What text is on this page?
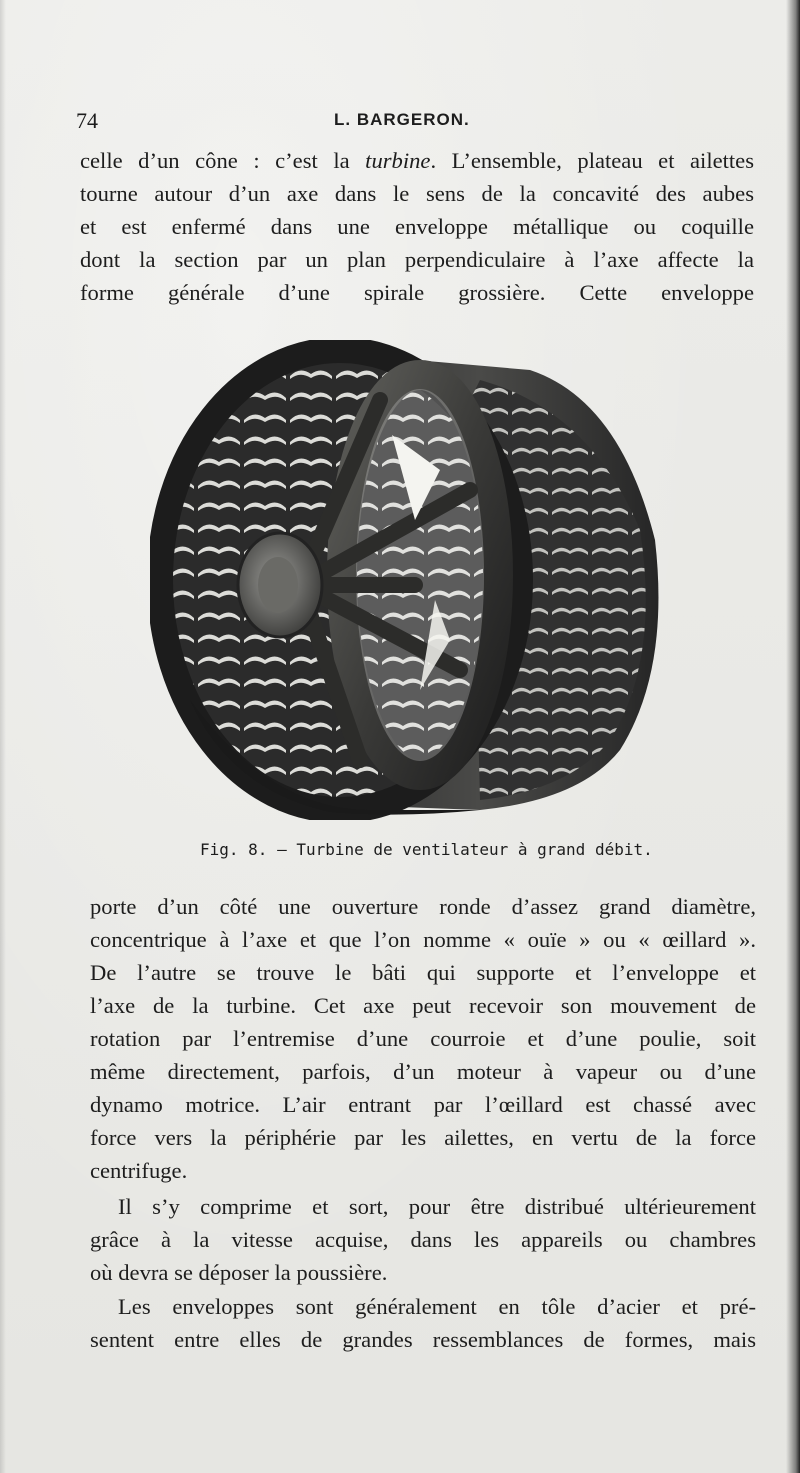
74	L. BARGERON.
celle d’un cône : c’est la turbine. L’ensemble, plateau et ailettes
tourne autour d’un axe dans le sens de la concavité des aubes
et est enfermé dans une enveloppe métallique ou coquille
dont la section par un plan perpendiculaire à l’axe affecte la
forme générale d’une spirale grossière. Cette enveloppe
Fig. 8. — Turbine de ventilateur à grand débit.
porte d’un côté une ouverture ronde d’assez grand diamètre,
concentrique à l’axe et que l’on nomme « ouïe » ou « œillard ».
De l’autre se trouve le bâti qui supporte et l’enveloppe et
l’axe de la turbine. Cet axe peut recevoir son mouvement de
rotation par l’entremise d’une courroie et d’une poulie, soit
même directement, parfois, d’un moteur à vapeur ou d’une
dynamo motrice. L’air entrant par l’œillard est chassé avec
force vers la périphérie par les ailettes, en vertu de la force
centrifuge.
Il s’y comprime et sort, pour être distribué ultérieurement
grâce à la vitesse acquise, dans les appareils ou chambres
où devra se déposer la poussière.
Les enveloppes sont généralement en tôle d’acier et pré-
sentent entre elles de grandes ressemblances de formes, mais
